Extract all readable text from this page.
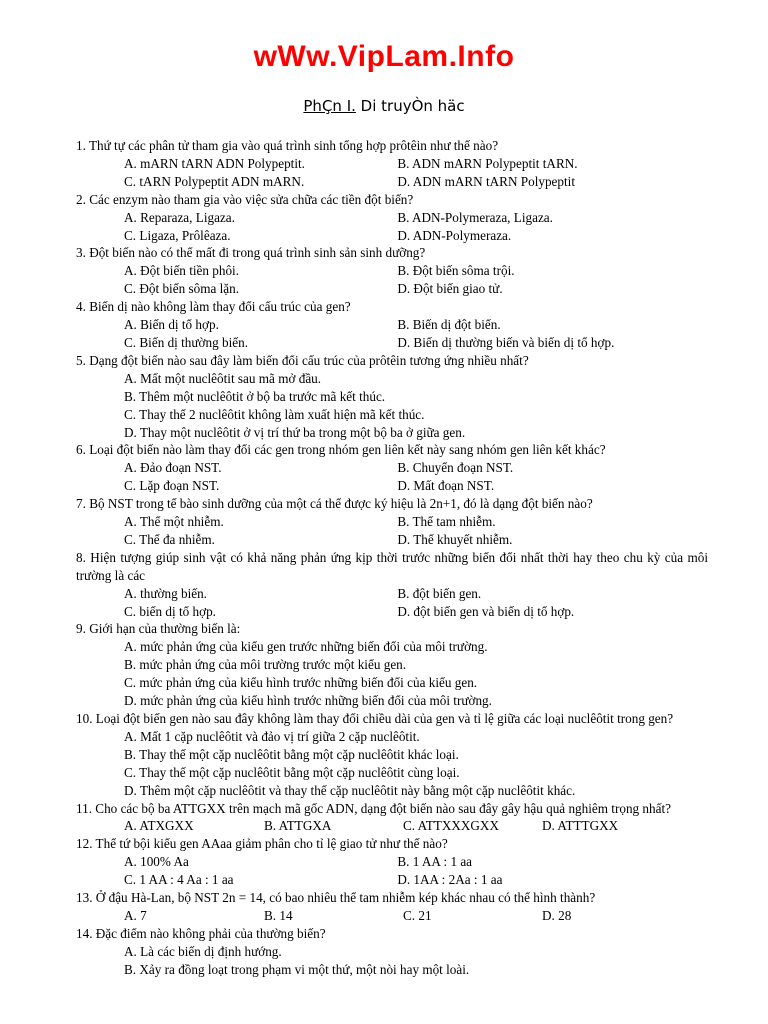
wWw.VipLam.Info
PhÇn I. Di truyÒn häc
1. Thứ tự các phân tử tham gia vào quá trình sinh tổng hợp prôtêin như thế nào?
A. mARN tARN ADN Polypeptit.	B. ADN mARN Polypeptit tARN.
C. tARN Polypeptit ADN mARN.	D. ADN mARN tARN Polypeptit
2. Các enzym nào tham gia vào việc sửa chữa các tiền đột biến?
A. Reparaza, Ligaza.	B. ADN-Polymeraza, Ligaza.
C. Ligaza, Prôlêaza.	D. ADN-Polymeraza.
3. Đột biến nào có thể mất đi trong quá trình sinh sản sinh dưỡng?
A. Đột biến tiền phôi.	B. Đột biến sôma trội.
C. Đột biến sôma lặn.	D. Đột biến giao tử.
4. Biến dị nào không làm thay đổi cấu trúc của gen?
A. Biến dị tổ hợp.	B. Biến dị đột biến.
C. Biến dị thường biến.	D. Biến dị thường biến và biến dị tổ hợp.
5. Dạng đột biến nào sau đây làm biến đổi cấu trúc của prôtêin tương ứng nhiều nhất?
A. Mất một nuclêôtit sau mã mở đầu.
B. Thêm một nuclêôtit ở bộ ba trước mã kết thúc.
C. Thay thế 2 nuclêôtit không làm xuất hiện mã kết thúc.
D. Thay một nuclêôtit ở vị trí thứ ba trong một bộ ba ở giữa gen.
6. Loại đột biến nào làm thay đổi các gen trong nhóm gen liên kết này sang nhóm gen liên kết khác?
A. Đảo đoạn NST.	B. Chuyển đoạn NST.
C. Lặp đoạn NST.	D. Mất đoạn NST.
7. Bộ NST trong tế bào sinh dưỡng của một cá thể được ký hiệu là 2n+1, đó là dạng đột biến nào?
A. Thể một nhiễm.	B. Thể tam nhiễm.
C. Thể đa nhiễm.	D. Thể khuyết nhiễm.
8. Hiện tượng giúp sinh vật có khả năng phản ứng kịp thời trước những biến đổi nhất thời hay theo chu kỳ của môi trường là các
A. thường biến.	B. đột biến gen.
C. biến dị tổ hợp.	D. đột biến gen và biến dị tổ hợp.
9. Giới hạn của thường biến là:
A. mức phản ứng của kiểu gen trước những biến đổi của môi trường.
B. mức phản ứng của môi trường trước một kiểu gen.
C. mức phản ứng của kiểu hình trước những biến đổi của kiểu gen.
D. mức phản ứng của kiểu hình trước những biến đổi của môi trường.
10. Loại đột biến gen nào sau đây không làm thay đổi chiều dài của gen và tỉ lệ giữa các loại nuclêôtit trong gen?
A. Mất 1 cặp nuclêôtit và đảo vị trí giữa 2 cặp nuclêôtit.
B. Thay thế một cặp nuclêôtit bằng một cặp nuclêôtit khác loại.
C. Thay thế một cặp nuclêôtit bằng một cặp nuclêôtit cùng loại.
D. Thêm một cặp nuclêôtit và thay thế cặp nuclêôtit này bằng một cặp nuclêôtit khác.
11. Cho các bộ ba ATTGXX trên mạch mã gốc ADN, dạng đột biến nào sau đây gây hậu quả nghiêm trọng nhất?
A. ATXGXX	B. ATTGXA	C. ATTXXXGXX	D. ATTTGXX
12. Thể tứ bội kiểu gen AAaa giảm phân cho tỉ lệ giao tử như thế nào?
A. 100% Aa	B. 1 AA : 1 aa
C. 1 AA : 4 Aa : 1 aa	D. 1AA : 2Aa : 1 aa
13. Ở đậu Hà-Lan, bộ NST 2n = 14, có bao nhiêu thể tam nhiễm kép khác nhau có thể hình thành?
A. 7	B. 14	C. 21	D. 28
14. Đặc điểm nào không phải của thường biến?
A. Là các biến dị định hướng.
B. Xảy ra đồng loạt trong phạm vi một thứ, một nòi hay một loài.
